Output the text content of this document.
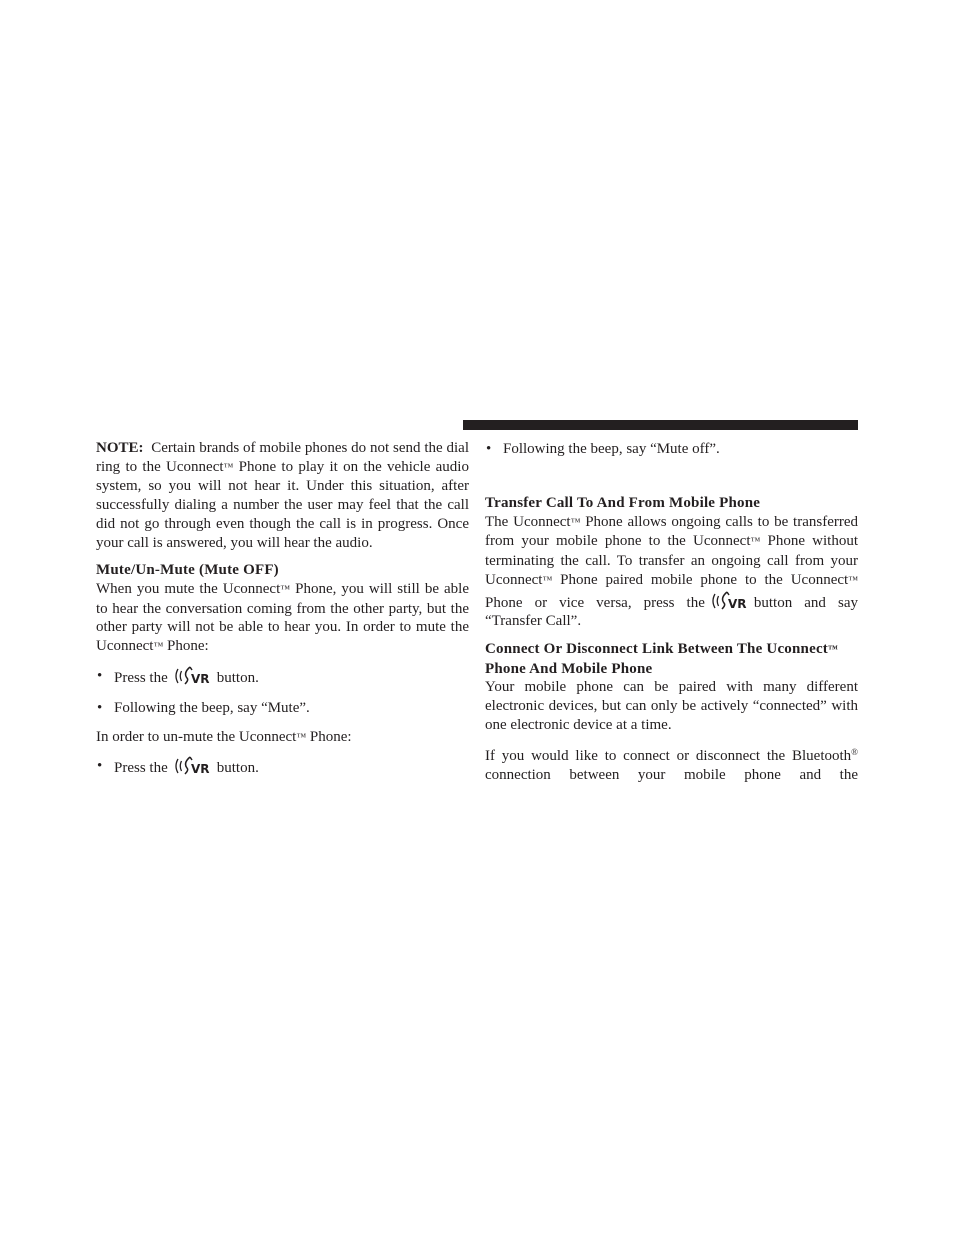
NOTE: Certain brands of mobile phones do not send the dial ring to the Uconnect™ Phone to play it on the vehicle audio system, so you will not hear it. Under this situation, after successfully dialing a number the user may feel that the call did not go through even though the call is in progress. Once your call is answered, you will hear the audio.

Mute/Un-Mute (Mute OFF)

When you mute the Uconnect™ Phone, you will still be able to hear the conversation coming from the other party, but the other party will not be able to hear you. In order to mute the Uconnect™ Phone:

• Press the VR button.
• Following the beep, say “Mute”.

In order to un-mute the Uconnect™ Phone:

• Press the VR button.
• Following the beep, say “Mute off”.
Transfer Call To And From Mobile Phone

The Uconnect™ Phone allows ongoing calls to be transferred from your mobile phone to the Uconnect™ Phone without terminating the call. To transfer an ongoing call from your Uconnect™ Phone paired mobile phone to the Uconnect™ Phone or vice versa, press the VR button and say “Transfer Call”.

Connect Or Disconnect Link Between The Uconnect™ Phone And Mobile Phone

Your mobile phone can be paired with many different electronic devices, but can only be actively “connected” with one electronic device at a time.

If you would like to connect or disconnect the Bluetooth® connection between your mobile phone and the
